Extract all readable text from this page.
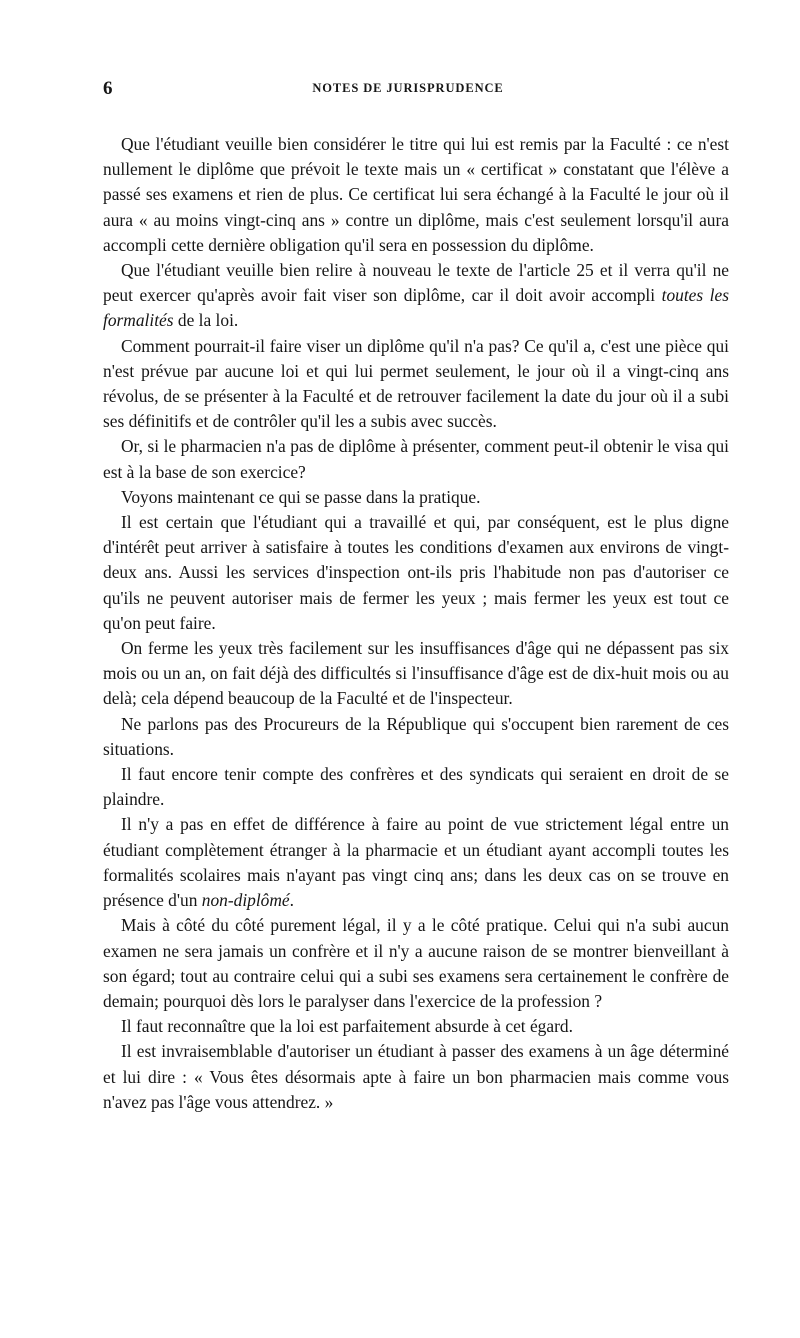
6	NOTES DE JURISPRUDENCE

Que l'étudiant veuille bien considérer le titre qui lui est remis par la Faculté : ce n'est nullement le diplôme que prévoit le texte mais un « certificat » constatant que l'élève a passé ses examens et rien de plus. Ce certificat lui sera échangé à la Faculté le jour où il aura « au moins vingt-cinq ans » contre un diplôme, mais c'est seulement lorsqu'il aura accompli cette dernière obligation qu'il sera en possession du diplôme.

Que l'étudiant veuille bien relire à nouveau le texte de l'article 25 et il verra qu'il ne peut exercer qu'après avoir fait viser son diplôme, car il doit avoir accompli toutes les formalités de la loi.

Comment pourrait-il faire viser un diplôme qu'il n'a pas? Ce qu'il a, c'est une pièce qui n'est prévue par aucune loi et qui lui permet seulement, le jour où il a vingt-cinq ans révolus, de se présenter à la Faculté et de retrouver facilement la date du jour où il a subi ses définitifs et de contrôler qu'il les a subis avec succès.

Or, si le pharmacien n'a pas de diplôme à présenter, comment peut-il obtenir le visa qui est à la base de son exercice?

Voyons maintenant ce qui se passe dans la pratique.

Il est certain que l'étudiant qui a travaillé et qui, par conséquent, est le plus digne d'intérêt peut arriver à satisfaire à toutes les conditions d'examen aux environs de vingt-deux ans. Aussi les services d'inspection ont-ils pris l'habitude non pas d'autoriser ce qu'ils ne peuvent autoriser mais de fermer les yeux ; mais fermer les yeux est tout ce qu'on peut faire.

On ferme les yeux très facilement sur les insuffisances d'âge qui ne dépassent pas six mois ou un an, on fait déjà des difficultés si l'insuffisance d'âge est de dix-huit mois ou au delà; cela dépend beaucoup de la Faculté et de l'inspecteur.

Ne parlons pas des Procureurs de la République qui s'occupent bien rarement de ces situations.

Il faut encore tenir compte des confrères et des syndicats qui seraient en droit de se plaindre.

Il n'y a pas en effet de différence à faire au point de vue strictement légal entre un étudiant complètement étranger à la pharmacie et un étudiant ayant accompli toutes les formalités scolaires mais n'ayant pas vingt cinq ans; dans les deux cas on se trouve en présence d'un non-diplômé.

Mais à côté du côté purement légal, il y a le côté pratique. Celui qui n'a subi aucun examen ne sera jamais un confrère et il n'y a aucune raison de se montrer bienveillant à son égard; tout au contraire celui qui a subi ses examens sera certainement le confrère de demain; pourquoi dès lors le paralyser dans l'exercice de la profession ?

Il faut reconnaître que la loi est parfaitement absurde à cet égard.

Il est invraisemblable d'autoriser un étudiant à passer des examens à un âge déterminé et lui dire : « Vous êtes désormais apte à faire un bon pharmacien mais comme vous n'avez pas l'âge vous attendrez. »
